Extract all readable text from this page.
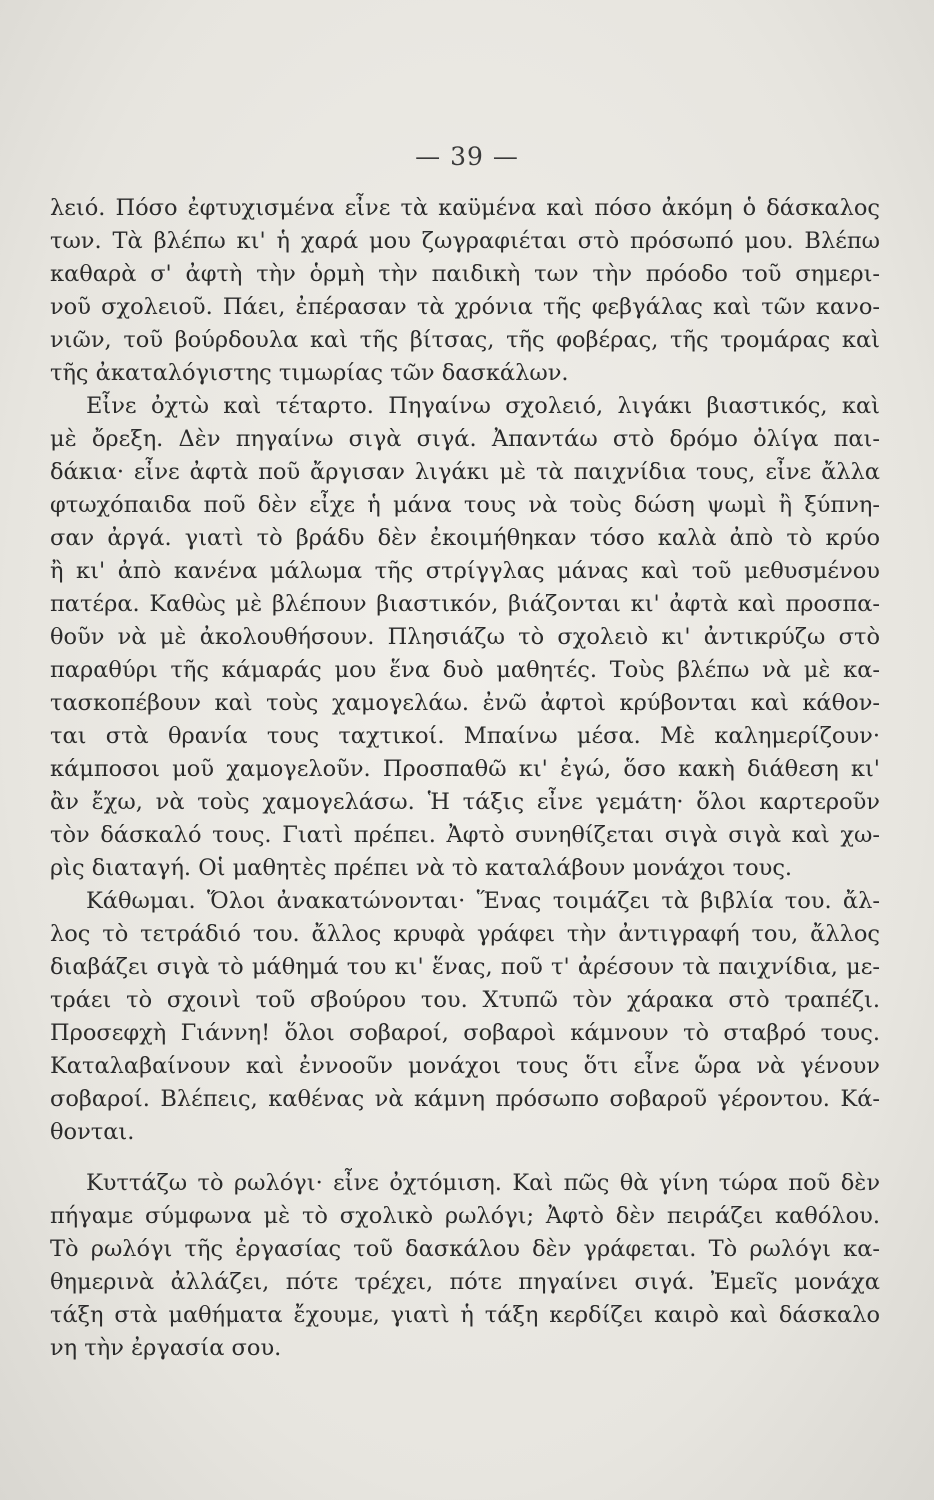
— 39 —
λειό. Πόσο ἐφτυχισμένα εἶνε τὰ καϋμένα καὶ πόσο ἀκόμη ὁ δάσκαλος
των. Τὰ βλέπω κι' ἡ χαρά μου ζωγραφιέται στὸ πρόσωπό μου. Βλέπω
καθαρὰ σ' ἀφτὴ τὴν ὁρμὴ τὴν παιδικὴ των τὴν πρόοδο τοῦ σημερι-
νοῦ σχολειοῦ. Πάει, ἐπέρασαν τὰ χρόνια τῆς φεβγάλας καὶ τῶν κανο-
νιῶν, τοῦ βούρδουλα καὶ τῆς βίτσας, τῆς φοβέρας, τῆς τρομάρας καὶ
τῆς ἀκαταλόγιστης τιμωρίας τῶν δασκάλων.
Εἶνε ὀχτὼ καὶ τέταρτο. Πηγαίνω σχολειό, λιγάκι βιαστικός, καὶ
μὲ ὄρεξη. Δὲν πηγαίνω σιγὰ σιγά. Ἀπαντάω στὸ δρόμο ὀλίγα παι-
δάκια· εἶνε ἀφτὰ ποῦ ἄργισαν λιγάκι μὲ τὰ παιχνίδια τους, εἶνε ἄλλα
φτωχόπαιδα ποῦ δὲν εἶχε ἡ μάνα τους νὰ τοὺς δώση ψωμὶ ἢ ξύπνη-
σαν ἀργά. γιατὶ τὸ βράδυ δὲν ἐκοιμήθηκαν τόσο καλὰ ἀπὸ τὸ κρύο
ἢ κι' ἀπὸ κανένα μάλωμα τῆς στρίγγλας μάνας καὶ τοῦ μεθυσμένου
πατέρα. Καθὼς μὲ βλέπουν βιαστικόν, βιάζονται κι' ἀφτὰ καὶ προσπα-
θοῦν νὰ μὲ ἀκολουθήσουν. Πλησιάζω τὸ σχολειὸ κι' ἀντικρύζω στὸ
παραθύρι τῆς κάμαράς μου ἕνα δυὸ μαθητές. Τοὺς βλέπω νὰ μὲ κα-
τασκοπέβουν καὶ τοὺς χαμογελάω. ἐνῶ ἀφτοὶ κρύβονται καὶ κάθον-
ται στὰ θρανία τους ταχτικοί. Μπαίνω μέσα. Μὲ καλημερίζουν·
κάμποσοι μοῦ χαμογελοῦν. Προσπαθῶ κι' ἐγώ, ὅσο κακὴ διάθεση κι'
ἂν ἔχω, νὰ τοὺς χαμογελάσω. Ἡ τάξις εἶνε γεμάτη· ὅλοι καρτεροῦν
τὸν δάσκαλό τους. Γιατὶ πρέπει. Ἀφτὸ συνηθίζεται σιγὰ σιγὰ καὶ χω-
ρὶς διαταγή. Οἱ μαθητὲς πρέπει νὰ τὸ καταλάβουν μονάχοι τους.
Κάθωμαι. Ὅλοι ἀνακατώνονται· Ἕνας τοιμάζει τὰ βιβλία του. ἄλ-
λος τὸ τετράδιό του. ἄλλος κρυφὰ γράφει τὴν ἀντιγραφή του, ἄλλος
διαβάζει σιγὰ τὸ μάθημά του κι' ἕνας, ποῦ τ' ἀρέσουν τὰ παιχνίδια, με-
τράει τὸ σχοινὶ τοῦ σβούρου του. Χτυπῶ τὸν χάρακα στὸ τραπέζι.
Προσεφχὴ Γιάννη! ὅλοι σοβαροί, σοβαροὶ κάμνουν τὸ σταβρό τους.
Καταλαβαίνουν καὶ ἐννοοῦν μονάχοι τους ὅτι εἶνε ὥρα νὰ γένουν
σοβαροί. Βλέπεις, καθένας νὰ κάμνη πρόσωπο σοβαροῦ γέροντου. Κά-
θονται.
Κυττάζω τὸ ρωλόγι· εἶνε ὀχτόμιση. Καὶ πῶς θὰ γίνη τώρα ποῦ δὲν
πήγαμε σύμφωνα μὲ τὸ σχολικὸ ρωλόγι; Ἀφτὸ δὲν πειράζει καθόλου.
Τὸ ρωλόγι τῆς ἐργασίας τοῦ δασκάλου δὲν γράφεται. Τὸ ρωλόγι κα-
θημερινὰ ἀλλάζει, πότε τρέχει, πότε πηγαίνει σιγά. Ἐμεῖς μονάχα
τάξη στὰ μαθήματα ἔχουμε, γιατὶ ἡ τάξη κερδίζει καιρὸ καὶ δάσκαλο
νη τὴν ἐργασία σου.
